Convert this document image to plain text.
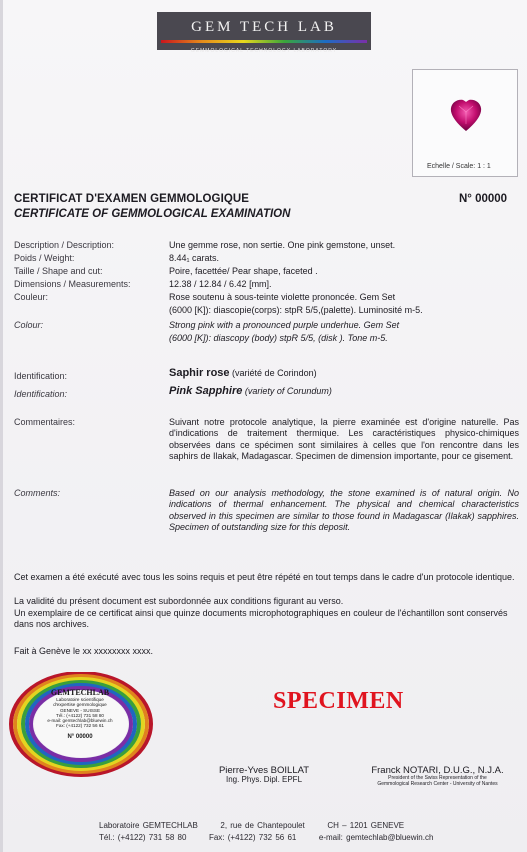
GEM TECH LAB
GEMMOLOGICAL TECHNOLOGY LABORATORY
Echelle / Scale: 1 : 1
CERTIFICAT D'EXAMEN GEMMOLOGIQUE
CERTIFICATE OF GEMMOLOGICAL EXAMINATION
N° 00000
Description / Description:	Une gemme rose, non sertie. One pink gemstone, unset.
Poids / Weight:	8.44₁ carats.
Taille / Shape and cut:	Poire, facettée/ Pear shape, faceted .
Dimensions / Measurements:	12.38 / 12.84 / 6.42 [mm].
Couleur:	Rose soutenu à sous-teinte violette prononcée. Gem Set
(6000 [K]): diascopie(corps): stpR 5/5,(palette). Luminosité m-5.
Colour:	Strong pink with a pronounced purple underhue. Gem Set
(6000 [K]): diascopy (body) stpR 5/5, (disk ). Tone m-5.
Identification:	Saphir rose (variété de Corindon)
Identification:	Pink Sapphire (variety of Corundum)
Commentaires:	Suivant notre protocole analytique, la pierre examinée est d'origine naturelle. Pas d'indications de traitement thermique. Les caractéristiques physico-chimiques observées dans ce spécimen sont similaires à celles que l'on rencontre dans les saphirs de Ilakak, Madagascar. Specimen de dimension importante, pour ce gisement.
Comments:	Based on our analysis methodology, the stone examined is of natural origin. No indications of thermal enhancement. The physical and chemical characteristics observed in this specimen are similar to those found in Madagascar (Ilakak) sapphires. Specimen of outstanding size for this deposit.
Cet examen a été exécuté avec tous les soins requis et peut être répété en tout temps dans le cadre d'un protocole identique.
La validité du présent document est subordonnée aux conditions figurant au verso.
Un exemplaire de ce certificat ainsi que quinze documents microphotographiques en couleur de l'échantillon sont conservés dans nos archives.
Fait à Genève le xx xxxxxxxx xxxx.
GEMTECHLAB
Laboratoire scientifique
d'expertise gemmologique
GENEVE - SUISSE
Tél.: (+4122) 731 58 80
e-mail: gemtechlab@bluewin.ch
Fax: (+4122) 732 56 61
N° 00000
SPECIMEN
Pierre-Yves BOILLAT
Ing. Phys. Dipl. EPFL
Franck NOTARI, D.U.G., N.J.A.
President of the Swiss Representation of the
Gemmological Research Center - University of Nantes
Laboratoire GEMTECHLAB       2, rue de Chantepoulet       CH – 1201 GENEVE
Tél.: (+4122) 731 58 80       Fax: (+4122) 732 56 61       e-mail: gemtechlab@bluewin.ch
